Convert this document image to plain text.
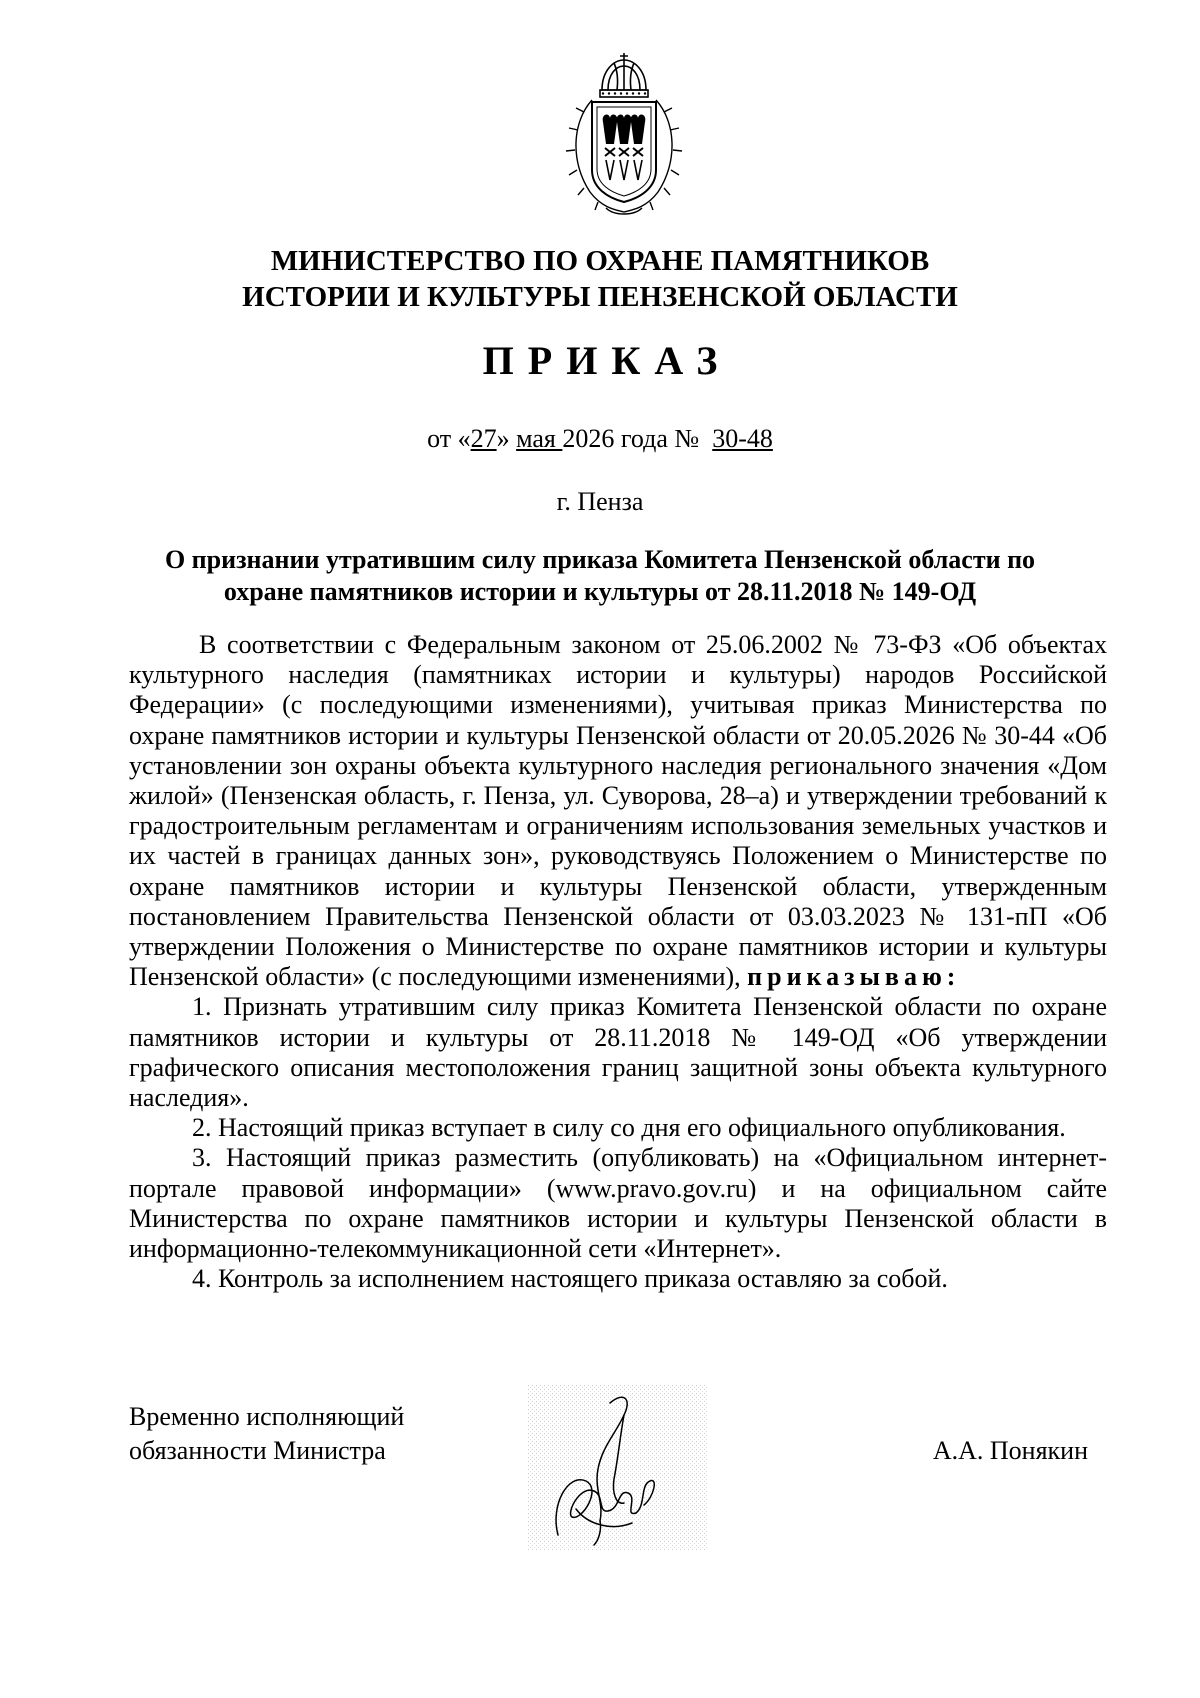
МИНИСТЕРСТВО ПО ОХРАНЕ ПАМЯТНИКОВ
ИСТОРИИ И КУЛЬТУРЫ ПЕНЗЕНСКОЙ ОБЛАСТИ
ПРИКАЗ
от «27» мая 2026 года №  30-48
г. Пенза
О признании утратившим силу приказа Комитета Пензенской области по
охране памятников истории и культуры от 28.11.2018 № 149-ОД

В соответствии с Федеральным законом от 25.06.2002 № 73-ФЗ «Об объектах культурного наследия (памятниках истории и культуры) народов Российской Федерации» (с последующими изменениями), учитывая приказ Министерства по охране памятников истории и культуры Пензенской области от 20.05.2026 № 30-44 «Об установлении зон охраны объекта культурного наследия регионального значения «Дом жилой» (Пензенская область, г. Пенза, ул. Суворова, 28–а) и утверждении требований к градостроительным регламентам и ограничениям использования земельных участков и их частей в границах данных зон», руководствуясь Положением о Министерстве по охране памятников истории и культуры Пензенской области, утвержденным постановлением Правительства Пензенской области от 03.03.2023 № 131-пП «Об утверждении Положения о Министерстве по охране памятников истории и культуры Пензенской области» (с последующими изменениями), приказываю:

1. Признать утратившим силу приказ Комитета Пензенской области по охране памятников истории и культуры от 28.11.2018 № 149-ОД «Об утверждении графического описания местоположения границ защитной зоны объекта культурного наследия».

2. Настоящий приказ вступает в силу со дня его официального опубликования.

3. Настоящий приказ разместить (опубликовать) на «Официальном интернет-портале правовой информации» (www.pravo.gov.ru) и на официальном сайте Министерства по охране памятников истории и культуры Пензенской области в информационно-телекоммуникационной сети «Интернет».

4. Контроль за исполнением настоящего приказа оставляю за собой.

Временно исполняющий
обязанности Министра	А.А. Понякин
